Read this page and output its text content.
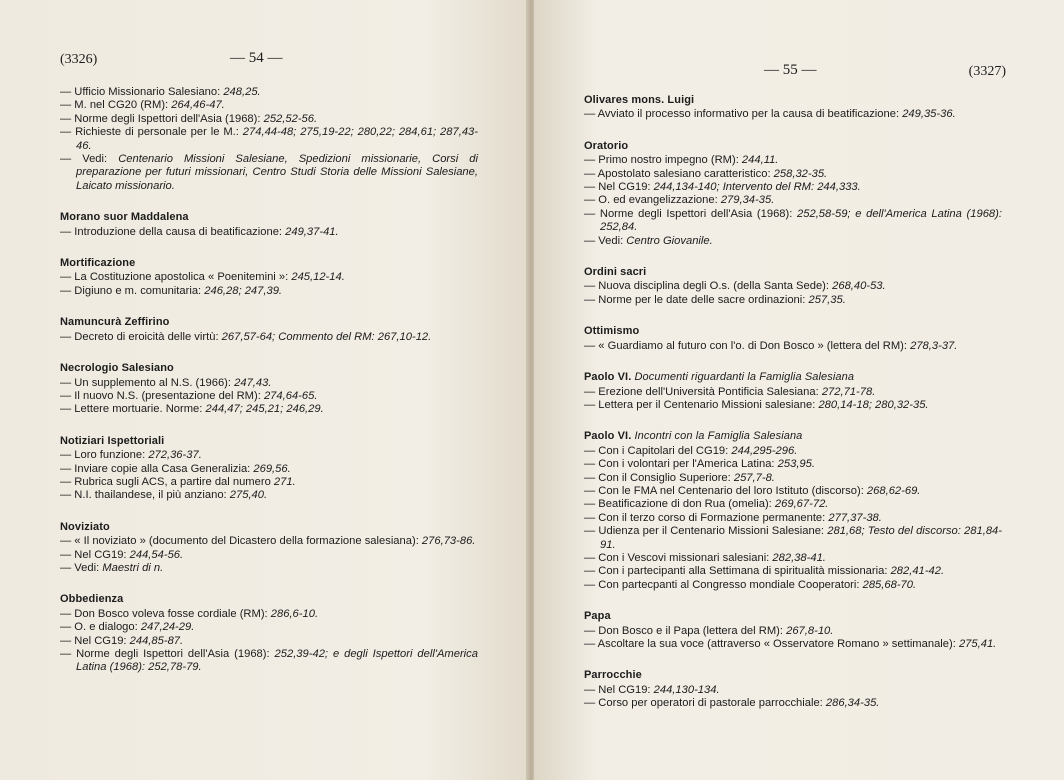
(3326)	— 54 —
— Ufficio Missionario Salesiano: 248,25.
— M. nel CG20 (RM): 264,46-47.
— Norme degli Ispettori dell'Asia (1968): 252,52-56.
— Richieste di personale per le M.: 274,44-48; 275,19-22; 280,22; 284,61; 287,43-46.
— Vedi: Centenario Missioni Salesiane, Spedizioni missionarie, Corsi di preparazione per futuri missionari, Centro Studi Storia delle Missioni Salesiane, Laicato missionario.
Morano suor Maddalena
— Introduzione della causa di beatificazione: 249,37-41.
Mortificazione
— La Costituzione apostolica « Poenitemini »: 245,12-14.
— Digiuno e m. comunitaria: 246,28; 247,39.
Namuncurà Zeffirino
— Decreto di eroicità delle virtù: 267,57-64; Commento del RM: 267,10-12.
Necrologio Salesiano
— Un supplemento al N.S. (1966): 247,43.
— Il nuovo N.S. (presentazione del RM): 274,64-65.
— Lettere mortuarie. Norme: 244,47; 245,21; 246,29.
Notiziari Ispettoriali
— Loro funzione: 272,36-37.
— Inviare copie alla Casa Generalizia: 269,56.
— Rubrica sugli ACS, a partire dal numero 271.
— N.I. thailandese, il più anziano: 275,40.
Noviziato
— « Il noviziato » (documento del Dicastero della formazione salesiana): 276,73-86.
— Nel CG19: 244,54-56.
— Vedi: Maestri di n.
Obbedienza
— Don Bosco voleva fosse cordiale (RM): 286,6-10.
— O. e dialogo: 247,24-29.
— Nel CG19: 244,85-87.
— Norme degli Ispettori dell'Asia (1968): 252,39-42; e degli Ispettori dell'America Latina (1968): 252,78-79.
— 55 —	(3327)
Olivares mons. Luigi
— Avviato il processo informativo per la causa di beatificazione: 249,35-36.
Oratorio
— Primo nostro impegno (RM): 244,11.
— Apostolato salesiano caratteristico: 258,32-35.
— Nel CG19: 244,134-140; Intervento del RM: 244,333.
— O. ed evangelizzazione: 279,34-35.
— Norme degli Ispettori dell'Asia (1968): 252,58-59; e dell'America Latina (1968): 252,84.
— Vedi: Centro Giovanile.
Ordini sacri
— Nuova disciplina degli O.s. (della Santa Sede): 268,40-53.
— Norme per le date delle sacre ordinazioni: 257,35.
Ottimismo
— « Guardiamo al futuro con l'o. di Don Bosco » (lettera del RM): 278,3-37.
Paolo VI. Documenti riguardanti la Famiglia Salesiana
— Erezione dell'Università Pontificia Salesiana: 272,71-78.
— Lettera per il Centenario Missioni salesiane: 280,14-18; 280,32-35.
Paolo VI. Incontri con la Famiglia Salesiana
— Con i Capitolari del CG19: 244,295-296.
— Con i volontari per l'America Latina: 253,95.
— Con il Consiglio Superiore: 257,7-8.
— Con le FMA nel Centenario del loro Istituto (discorso): 268,62-69.
— Beatificazione di don Rua (omelia): 269,67-72.
— Con il terzo corso di Formazione permanente: 277,37-38.
— Udienza per il Centenario Missioni Salesiane: 281,68; Testo del discorso: 281,84-91.
— Con i Vescovi missionari salesiani: 282,38-41.
— Con i partecipanti alla Settimana di spiritualità missionaria: 282,41-42.
— Con partecpanti al Congresso mondiale Cooperatori: 285,68-70.
Papa
— Don Bosco e il Papa (lettera del RM): 267,8-10.
— Ascoltare la sua voce (attraverso « Osservatore Romano » settimanale): 275,41.
Parrocchie
— Nel CG19: 244,130-134.
— Corso per operatori di pastorale parrocchiale: 286,34-35.
